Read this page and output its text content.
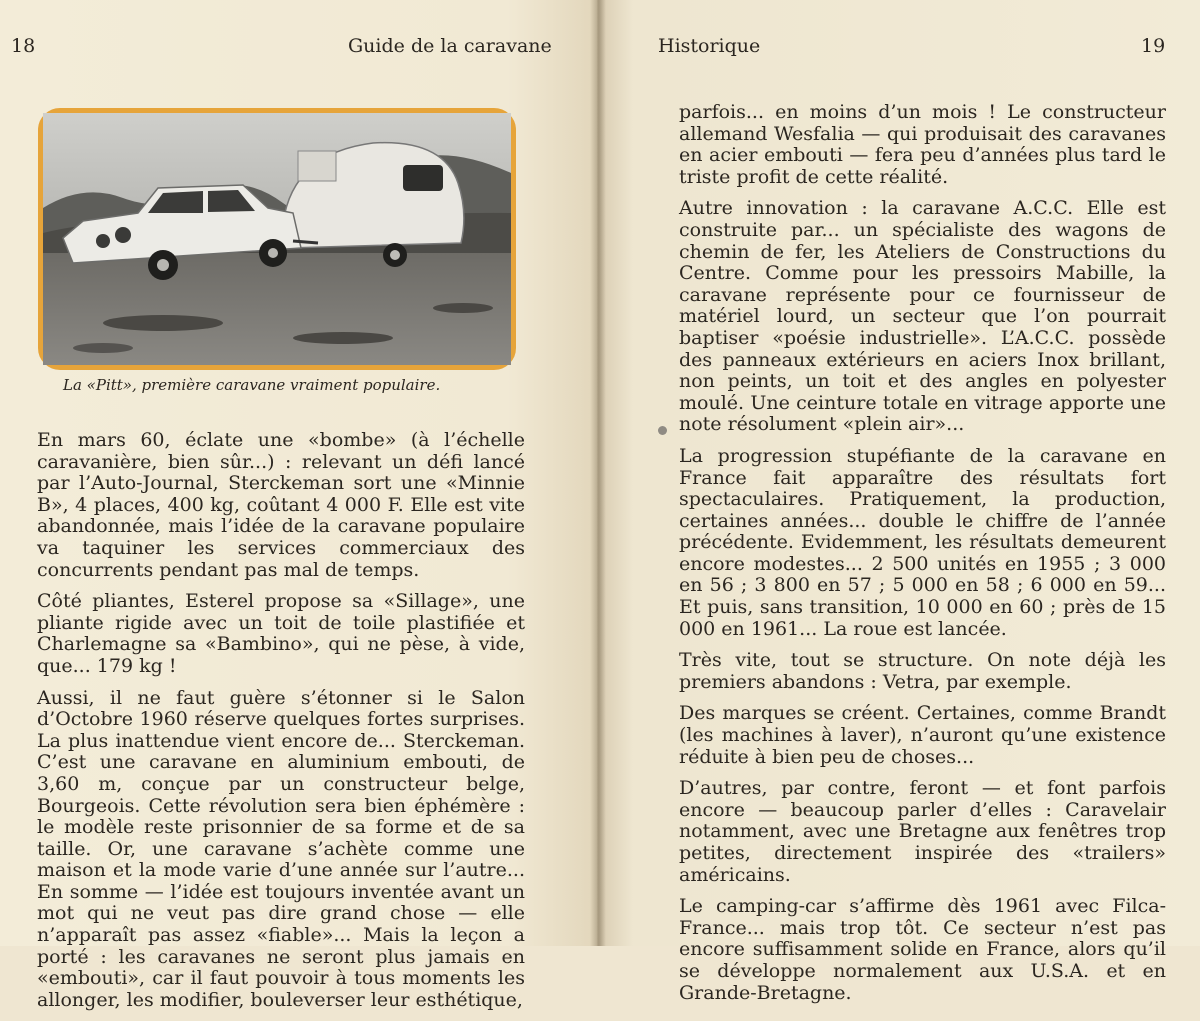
18	Guide de la caravane
La «Pitt», première caravane vraiment populaire.

En mars 60, éclate une «bombe» (à l’échelle caravanière, bien sûr...) : relevant un défi lancé par l’Auto-Journal, Sterckeman sort une «Minnie B», 4 places, 400 kg, coûtant 4 000 F. Elle est vite abandonnée, mais l’idée de la caravane populaire va taquiner les services commerciaux des concurrents pendant pas mal de temps.

Côté pliantes, Esterel propose sa «Sillage», une pliante rigide avec un toit de toile plastifiée et Charlemagne sa «Bambino», qui ne pèse, à vide, que... 179 kg !

Aussi, il ne faut guère s’étonner si le Salon d’Octobre 1960 réserve quelques fortes surprises. La plus inattendue vient encore de... Sterckeman. C’est une caravane en aluminium embouti, de 3,60 m, conçue par un constructeur belge, Bourgeois. Cette révolution sera bien éphémère : le modèle reste prisonnier de sa forme et de sa taille. Or, une caravane s’achète comme une maison et la mode varie d’une année sur l’autre... En somme — l’idée est toujours inventée avant un mot qui ne veut pas dire grand chose — elle n’apparaît pas assez «fiable»... Mais la leçon a porté : les caravanes ne seront plus jamais en «embouti», car il faut pouvoir à tous moments les allonger, les modifier, bouleverser leur esthétique,

Historique	19

parfois... en moins d’un mois ! Le constructeur allemand Wesfalia — qui produisait des caravanes en acier embouti — fera peu d’années plus tard le triste profit de cette réalité.

Autre innovation : la caravane A.C.C. Elle est construite par... un spécialiste des wagons de chemin de fer, les Ateliers de Constructions du Centre. Comme pour les pressoirs Mabille, la caravane représente pour ce fournisseur de matériel lourd, un secteur que l’on pourrait baptiser «poésie industrielle». L’A.C.C. possède des panneaux extérieurs en aciers Inox brillant, non peints, un toit et des angles en polyester moulé. Une ceinture totale en vitrage apporte une note résolument «plein air»...

La progression stupéfiante de la caravane en France fait apparaître des résultats fort spectaculaires. Pratiquement, la production, certaines années... double le chiffre de l’année précédente. Evidemment, les résultats demeurent encore modestes... 2 500 unités en 1955 ; 3 000 en 56 ; 3 800 en 57 ; 5 000 en 58 ; 6 000 en 59... Et puis, sans transition, 10 000 en 60 ; près de 15 000 en 1961... La roue est lancée.

Très vite, tout se structure. On note déjà les premiers abandons : Vetra, par exemple.

Des marques se créent. Certaines, comme Brandt (les machines à laver), n’auront qu’une existence réduite à bien peu de choses...

D’autres, par contre, feront — et font parfois encore — beaucoup parler d’elles : Caravelair notamment, avec une Bretagne aux fenêtres trop petites, directement inspirée des «trailers» américains.

Le camping-car s’affirme dès 1961 avec Filca-France... mais trop tôt. Ce secteur n’est pas encore suffisamment solide en France, alors qu’il se développe normalement aux U.S.A. et en Grande-Bretagne.
